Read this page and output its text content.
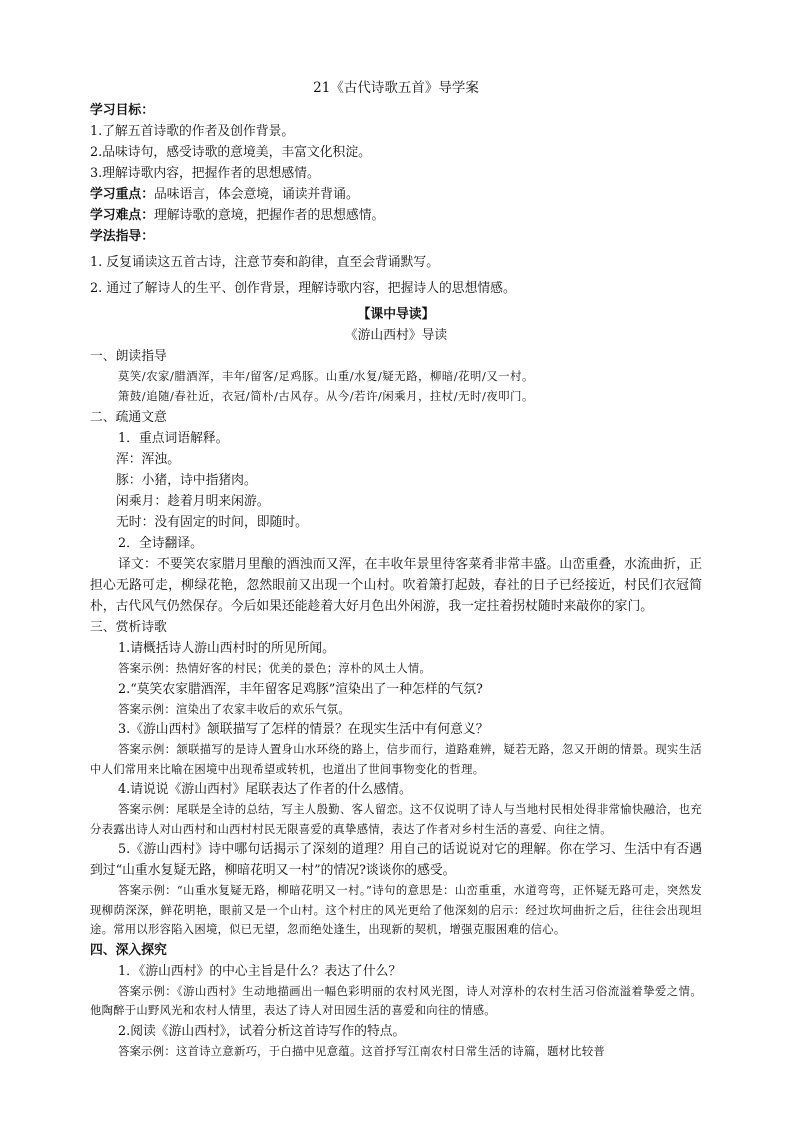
21《古代诗歌五首》导学案
学习目标：
1.了解五首诗歌的作者及创作背景。
2.品味诗句，感受诗歌的意境美，丰富文化积淀。
3.理解诗歌内容，把握作者的思想感情。
学习重点：品味语言，体会意境，诵读并背诵。
学习难点：理解诗歌的意境，把握作者的思想感情。
学法指导：
1. 反复诵读这五首古诗，注意节奏和韵律，直至会背诵默写。
2. 通过了解诗人的生平、创作背景，理解诗歌内容，把握诗人的思想情感。
【课中导读】
《游山西村》导读
一、朗读指导
莫笑/农家/腊酒浑，丰年/留客/足鸡豚。山重/水复/疑无路，柳暗/花明/又一村。
箫鼓/追随/春社近，衣冠/简朴/古风存。从今/若许/闲乘月，拄杖/无时/夜叩门。
二、疏通文意
1．重点词语解释。
浑：浑浊。
豚：小猪，诗中指猪肉。
闲乘月：趁着月明来闲游。
无时：没有固定的时间，即随时。
2．全诗翻译。
译文：不要笑农家腊月里酿的酒浊而又浑，在丰收年景里待客菜肴非常丰盛。山峦重叠，水流曲折，正担心无路可走，柳绿花艳，忽然眼前又出现一个山村。吹着箫打起鼓，春社的日子已经接近，村民们衣冠简朴，古代风气仍然保存。今后如果还能趁着大好月色出外闲游，我一定拄着拐杖随时来敲你的家门。
三、赏析诗歌
1.请概括诗人游山西村时的所见所闻。
答案示例：热情好客的村民；优美的景色；淳朴的风土人情。
2.“莫笑农家腊酒浑，丰年留客足鸡豚”渲染出了一种怎样的气氛?
答案示例：渲染出了农家丰收后的欢乐气氛。
3.《游山西村》颔联描写了怎样的情景？在现实生活中有何意义？
答案示例：颔联描写的是诗人置身山水环绕的路上，信步而行，道路难辨，疑若无路，忽又开朗的情景。现实生活中人们常用来比喻在困境中出现希望或转机，也道出了世间事物变化的哲理。
4.请说说《游山西村》尾联表达了作者的什么感情。
答案示例：尾联是全诗的总结，写主人殷勤、客人留恋。这不仅说明了诗人与当地村民相处得非常愉快融洽，也充分表露出诗人对山西村和山西村村民无限喜爱的真挚感情，表达了作者对乡村生活的喜爱、向往之情。
5.《游山西村》诗中哪句话揭示了深刻的道理？用自己的话说说对它的理解。你在学习、生活中有否遇到过“山重水复疑无路，柳暗花明又一村”的情况?谈谈你的感受。
答案示例：“山重水复疑无路，柳暗花明又一村。”诗句的意思是：山峦重重，水道弯弯，正怀疑无路可走，突然发现柳荫深深，鲜花明艳，眼前又是一个山村。这个村庄的风光更给了他深刻的启示：经过坎坷曲折之后，往往会出现坦途。常用以形容陷入困境，似已无望，忽而绝处逢生，出现新的契机，增强克服困难的信心。
四、深入探究
1．《游山西村》的中心主旨是什么？表达了什么？
答案示例：《游山西村》生动地描画出一幅色彩明丽的农村风光图，诗人对淳朴的农村生活习俗流溢着挚爱之情。他陶醉于山野风光和农村人情里，表达了诗人对田园生活的喜爱和向往的情感。
2.阅读《游山西村》，试着分析这首诗写作的特点。
答案示例：这首诗立意新巧，于白描中见意蕴。这首抒写江南农村日常生活的诗篇，题材比较普
